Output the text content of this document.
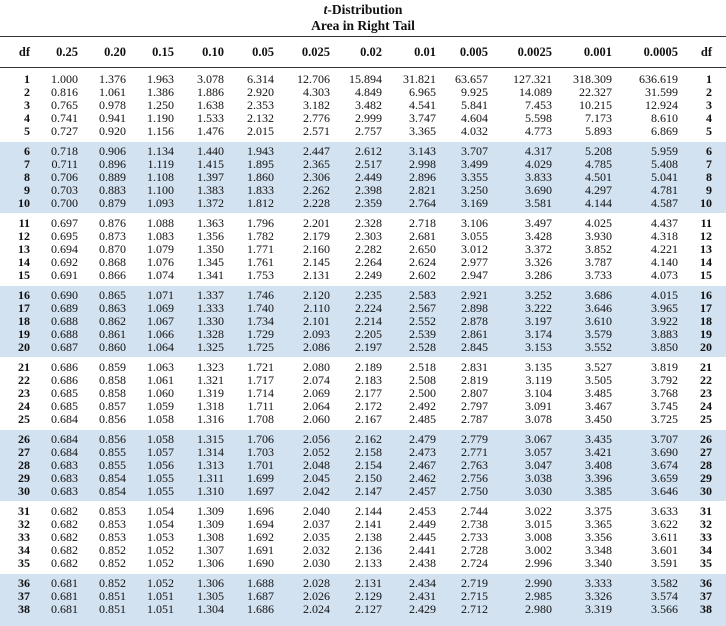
t-Distribution
Area in Right Tail
df	0.25	0.20	0.15	0.10	0.05	0.025	0.02	0.01	0.005	0.0025	0.001	0.0005	df
1	1.000	1.376	1.963	3.078	6.314	12.706	15.894	31.821	63.657	127.321	318.309	636.619	1
2	0.816	1.061	1.386	1.886	2.920	4.303	4.849	6.965	9.925	14.089	22.327	31.599	2
3	0.765	0.978	1.250	1.638	2.353	3.182	3.482	4.541	5.841	7.453	10.215	12.924	3
4	0.741	0.941	1.190	1.533	2.132	2.776	2.999	3.747	4.604	5.598	7.173	8.610	4
5	0.727	0.920	1.156	1.476	2.015	2.571	2.757	3.365	4.032	4.773	5.893	6.869	5
6	0.718	0.906	1.134	1.440	1.943	2.447	2.612	3.143	3.707	4.317	5.208	5.959	6
7	0.711	0.896	1.119	1.415	1.895	2.365	2.517	2.998	3.499	4.029	4.785	5.408	7
8	0.706	0.889	1.108	1.397	1.860	2.306	2.449	2.896	3.355	3.833	4.501	5.041	8
9	0.703	0.883	1.100	1.383	1.833	2.262	2.398	2.821	3.250	3.690	4.297	4.781	9
10	0.700	0.879	1.093	1.372	1.812	2.228	2.359	2.764	3.169	3.581	4.144	4.587	10
11	0.697	0.876	1.088	1.363	1.796	2.201	2.328	2.718	3.106	3.497	4.025	4.437	11
12	0.695	0.873	1.083	1.356	1.782	2.179	2.303	2.681	3.055	3.428	3.930	4.318	12
13	0.694	0.870	1.079	1.350	1.771	2.160	2.282	2.650	3.012	3.372	3.852	4.221	13
14	0.692	0.868	1.076	1.345	1.761	2.145	2.264	2.624	2.977	3.326	3.787	4.140	14
15	0.691	0.866	1.074	1.341	1.753	2.131	2.249	2.602	2.947	3.286	3.733	4.073	15
16	0.690	0.865	1.071	1.337	1.746	2.120	2.235	2.583	2.921	3.252	3.686	4.015	16
17	0.689	0.863	1.069	1.333	1.740	2.110	2.224	2.567	2.898	3.222	3.646	3.965	17
18	0.688	0.862	1.067	1.330	1.734	2.101	2.214	2.552	2.878	3.197	3.610	3.922	18
19	0.688	0.861	1.066	1.328	1.729	2.093	2.205	2.539	2.861	3.174	3.579	3.883	19
20	0.687	0.860	1.064	1.325	1.725	2.086	2.197	2.528	2.845	3.153	3.552	3.850	20
21	0.686	0.859	1.063	1.323	1.721	2.080	2.189	2.518	2.831	3.135	3.527	3.819	21
22	0.686	0.858	1.061	1.321	1.717	2.074	2.183	2.508	2.819	3.119	3.505	3.792	22
23	0.685	0.858	1.060	1.319	1.714	2.069	2.177	2.500	2.807	3.104	3.485	3.768	23
24	0.685	0.857	1.059	1.318	1.711	2.064	2.172	2.492	2.797	3.091	3.467	3.745	24
25	0.684	0.856	1.058	1.316	1.708	2.060	2.167	2.485	2.787	3.078	3.450	3.725	25
26	0.684	0.856	1.058	1.315	1.706	2.056	2.162	2.479	2.779	3.067	3.435	3.707	26
27	0.684	0.855	1.057	1.314	1.703	2.052	2.158	2.473	2.771	3.057	3.421	3.690	27
28	0.683	0.855	1.056	1.313	1.701	2.048	2.154	2.467	2.763	3.047	3.408	3.674	28
29	0.683	0.854	1.055	1.311	1.699	2.045	2.150	2.462	2.756	3.038	3.396	3.659	29
30	0.683	0.854	1.055	1.310	1.697	2.042	2.147	2.457	2.750	3.030	3.385	3.646	30
31	0.682	0.853	1.054	1.309	1.696	2.040	2.144	2.453	2.744	3.022	3.375	3.633	31
32	0.682	0.853	1.054	1.309	1.694	2.037	2.141	2.449	2.738	3.015	3.365	3.622	32
33	0.682	0.853	1.053	1.308	1.692	2.035	2.138	2.445	2.733	3.008	3.356	3.611	33
34	0.682	0.852	1.052	1.307	1.691	2.032	2.136	2.441	2.728	3.002	3.348	3.601	34
35	0.682	0.852	1.052	1.306	1.690	2.030	2.133	2.438	2.724	2.996	3.340	3.591	35
36	0.681	0.852	1.052	1.306	1.688	2.028	2.131	2.434	2.719	2.990	3.333	3.582	36
37	0.681	0.851	1.051	1.305	1.687	2.026	2.129	2.431	2.715	2.985	3.326	3.574	37
38	0.681	0.851	1.051	1.304	1.686	2.024	2.127	2.429	2.712	2.980	3.319	3.566	38
